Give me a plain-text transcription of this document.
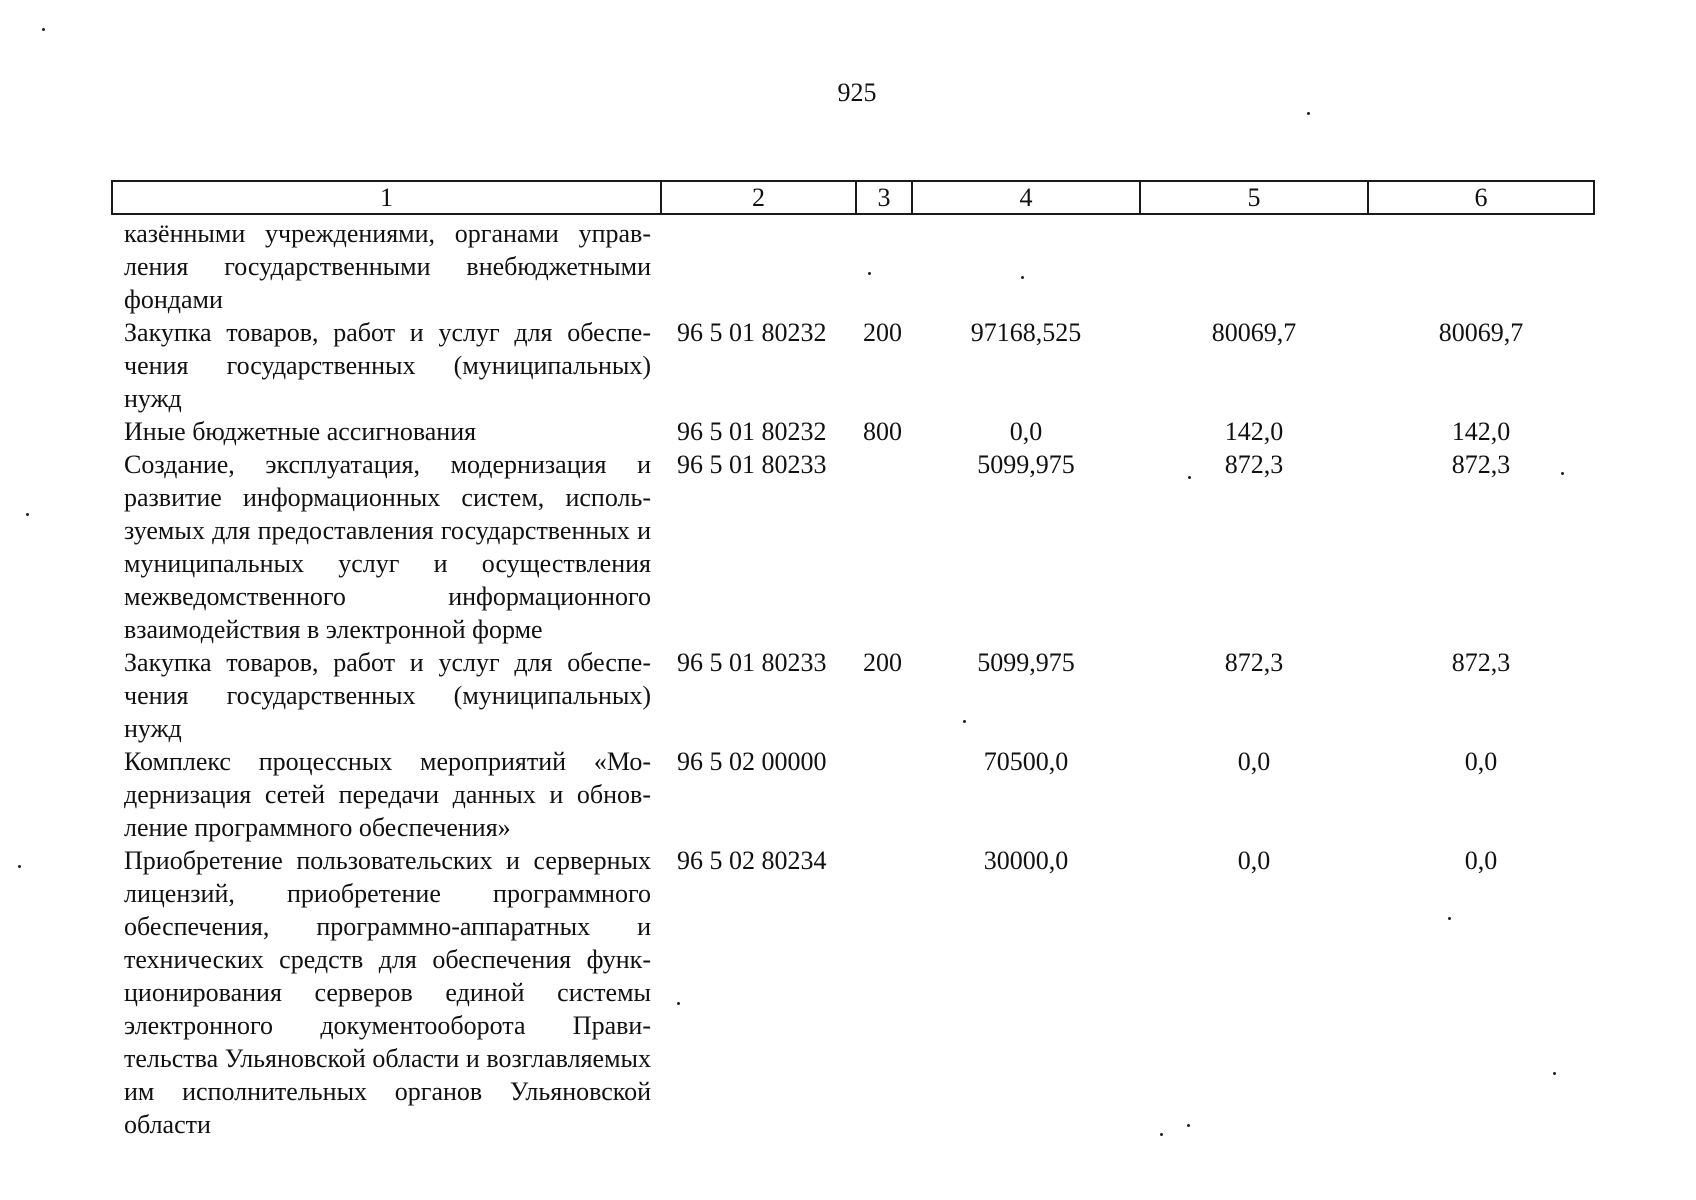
925
1	2	3	4	5	6
казёнными учреждениями, органами управления государственными внебюджетными фондами					
Закупка товаров, работ и услуг для обеспечения государственных (муниципальных) нужд	96 5 01 80232	200	97168,525	80069,7	80069,7
Иные бюджетные ассигнования	96 5 01 80232	800	0,0	142,0	142,0
Создание, эксплуатация, модернизация и развитие информационных систем, используемых для предоставления государственных и муниципальных услуг и осуществления межведомственного информационного взаимодействия в электронной форме	96 5 01 80233		5099,975	872,3	872,3
Закупка товаров, работ и услуг для обеспечения государственных (муниципальных) нужд	96 5 01 80233	200	5099,975	872,3	872,3
Комплекс процессных мероприятий «Модернизация сетей передачи данных и обновление программного обеспечения»	96 5 02 00000		70500,0	0,0	0,0
Приобретение пользовательских и серверных лицензий, приобретение программного обеспечения, программно-аппаратных и технических средств для обеспечения функционирования серверов единой системы электронного документооборота Правительства Ульяновской области и возглавляемых им исполнительных органов Ульяновской области	96 5 02 80234		30000,0	0,0	0,0
